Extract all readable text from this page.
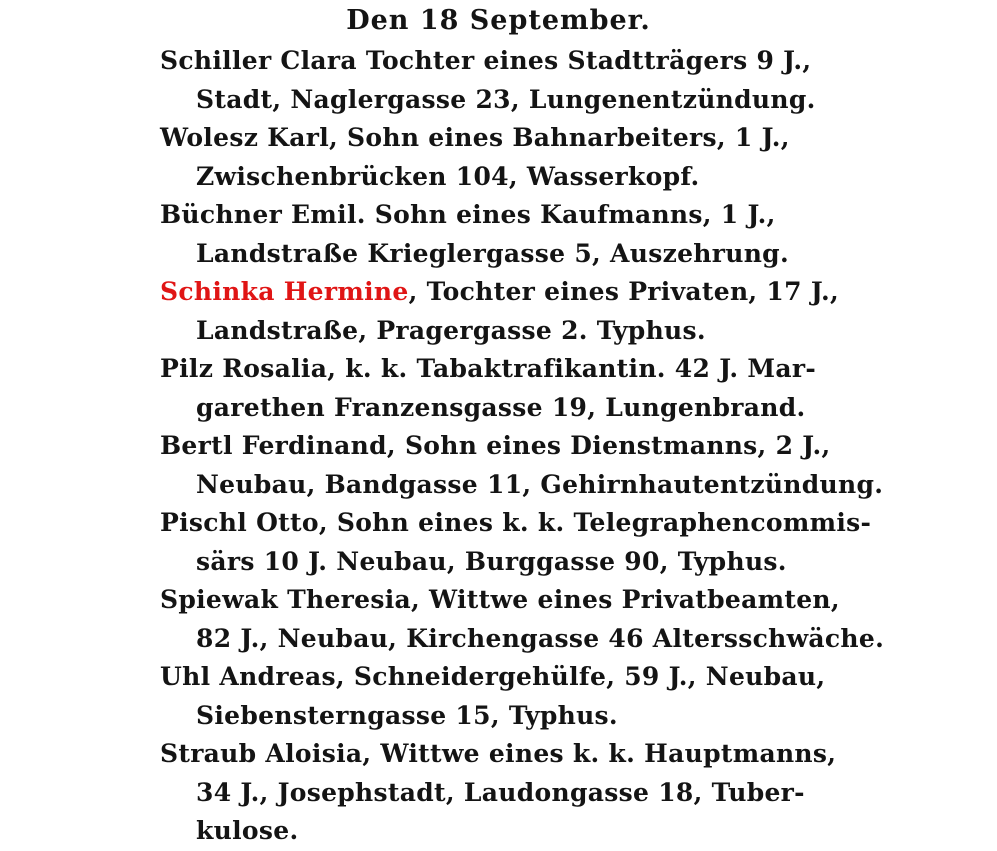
Den 18 September.
Schiller Clara Tochter eines Stadtträgers 9 J.,
Stadt, Naglergasse 23, Lungenentzündung.
Wolesz Karl, Sohn eines Bahnarbeiters, 1 J.,
Zwischenbrücken 104, Wasserkopf.
Büchner Emil. Sohn eines Kaufmanns, 1 J.,
Landstraße Krieglergasse 5, Auszehrung.
Schinka Hermine, Tochter eines Privaten, 17 J.,
Landstraße, Pragergasse 2. Typhus.
Pilz Rosalia, k. k. Tabaktrafikantin. 42 J. Mar-
garethen Franzensgasse 19, Lungenbrand.
Bertl Ferdinand, Sohn eines Dienstmanns, 2 J.,
Neubau, Bandgasse 11, Gehirnhautentzündung.
Pischl Otto, Sohn eines k. k. Telegraphencommis-
särs 10 J. Neubau, Burggasse 90, Typhus.
Spiewak Theresia, Wittwe eines Privatbeamten,
82 J., Neubau, Kirchengasse 46 Altersschwäche.
Uhl Andreas, Schneidergehülfe, 59 J., Neubau,
Siebensterngasse 15, Typhus.
Straub Aloisia, Wittwe eines k. k. Hauptmanns,
34 J., Josephstadt, Laudongasse 18, Tuber-
kulose.
